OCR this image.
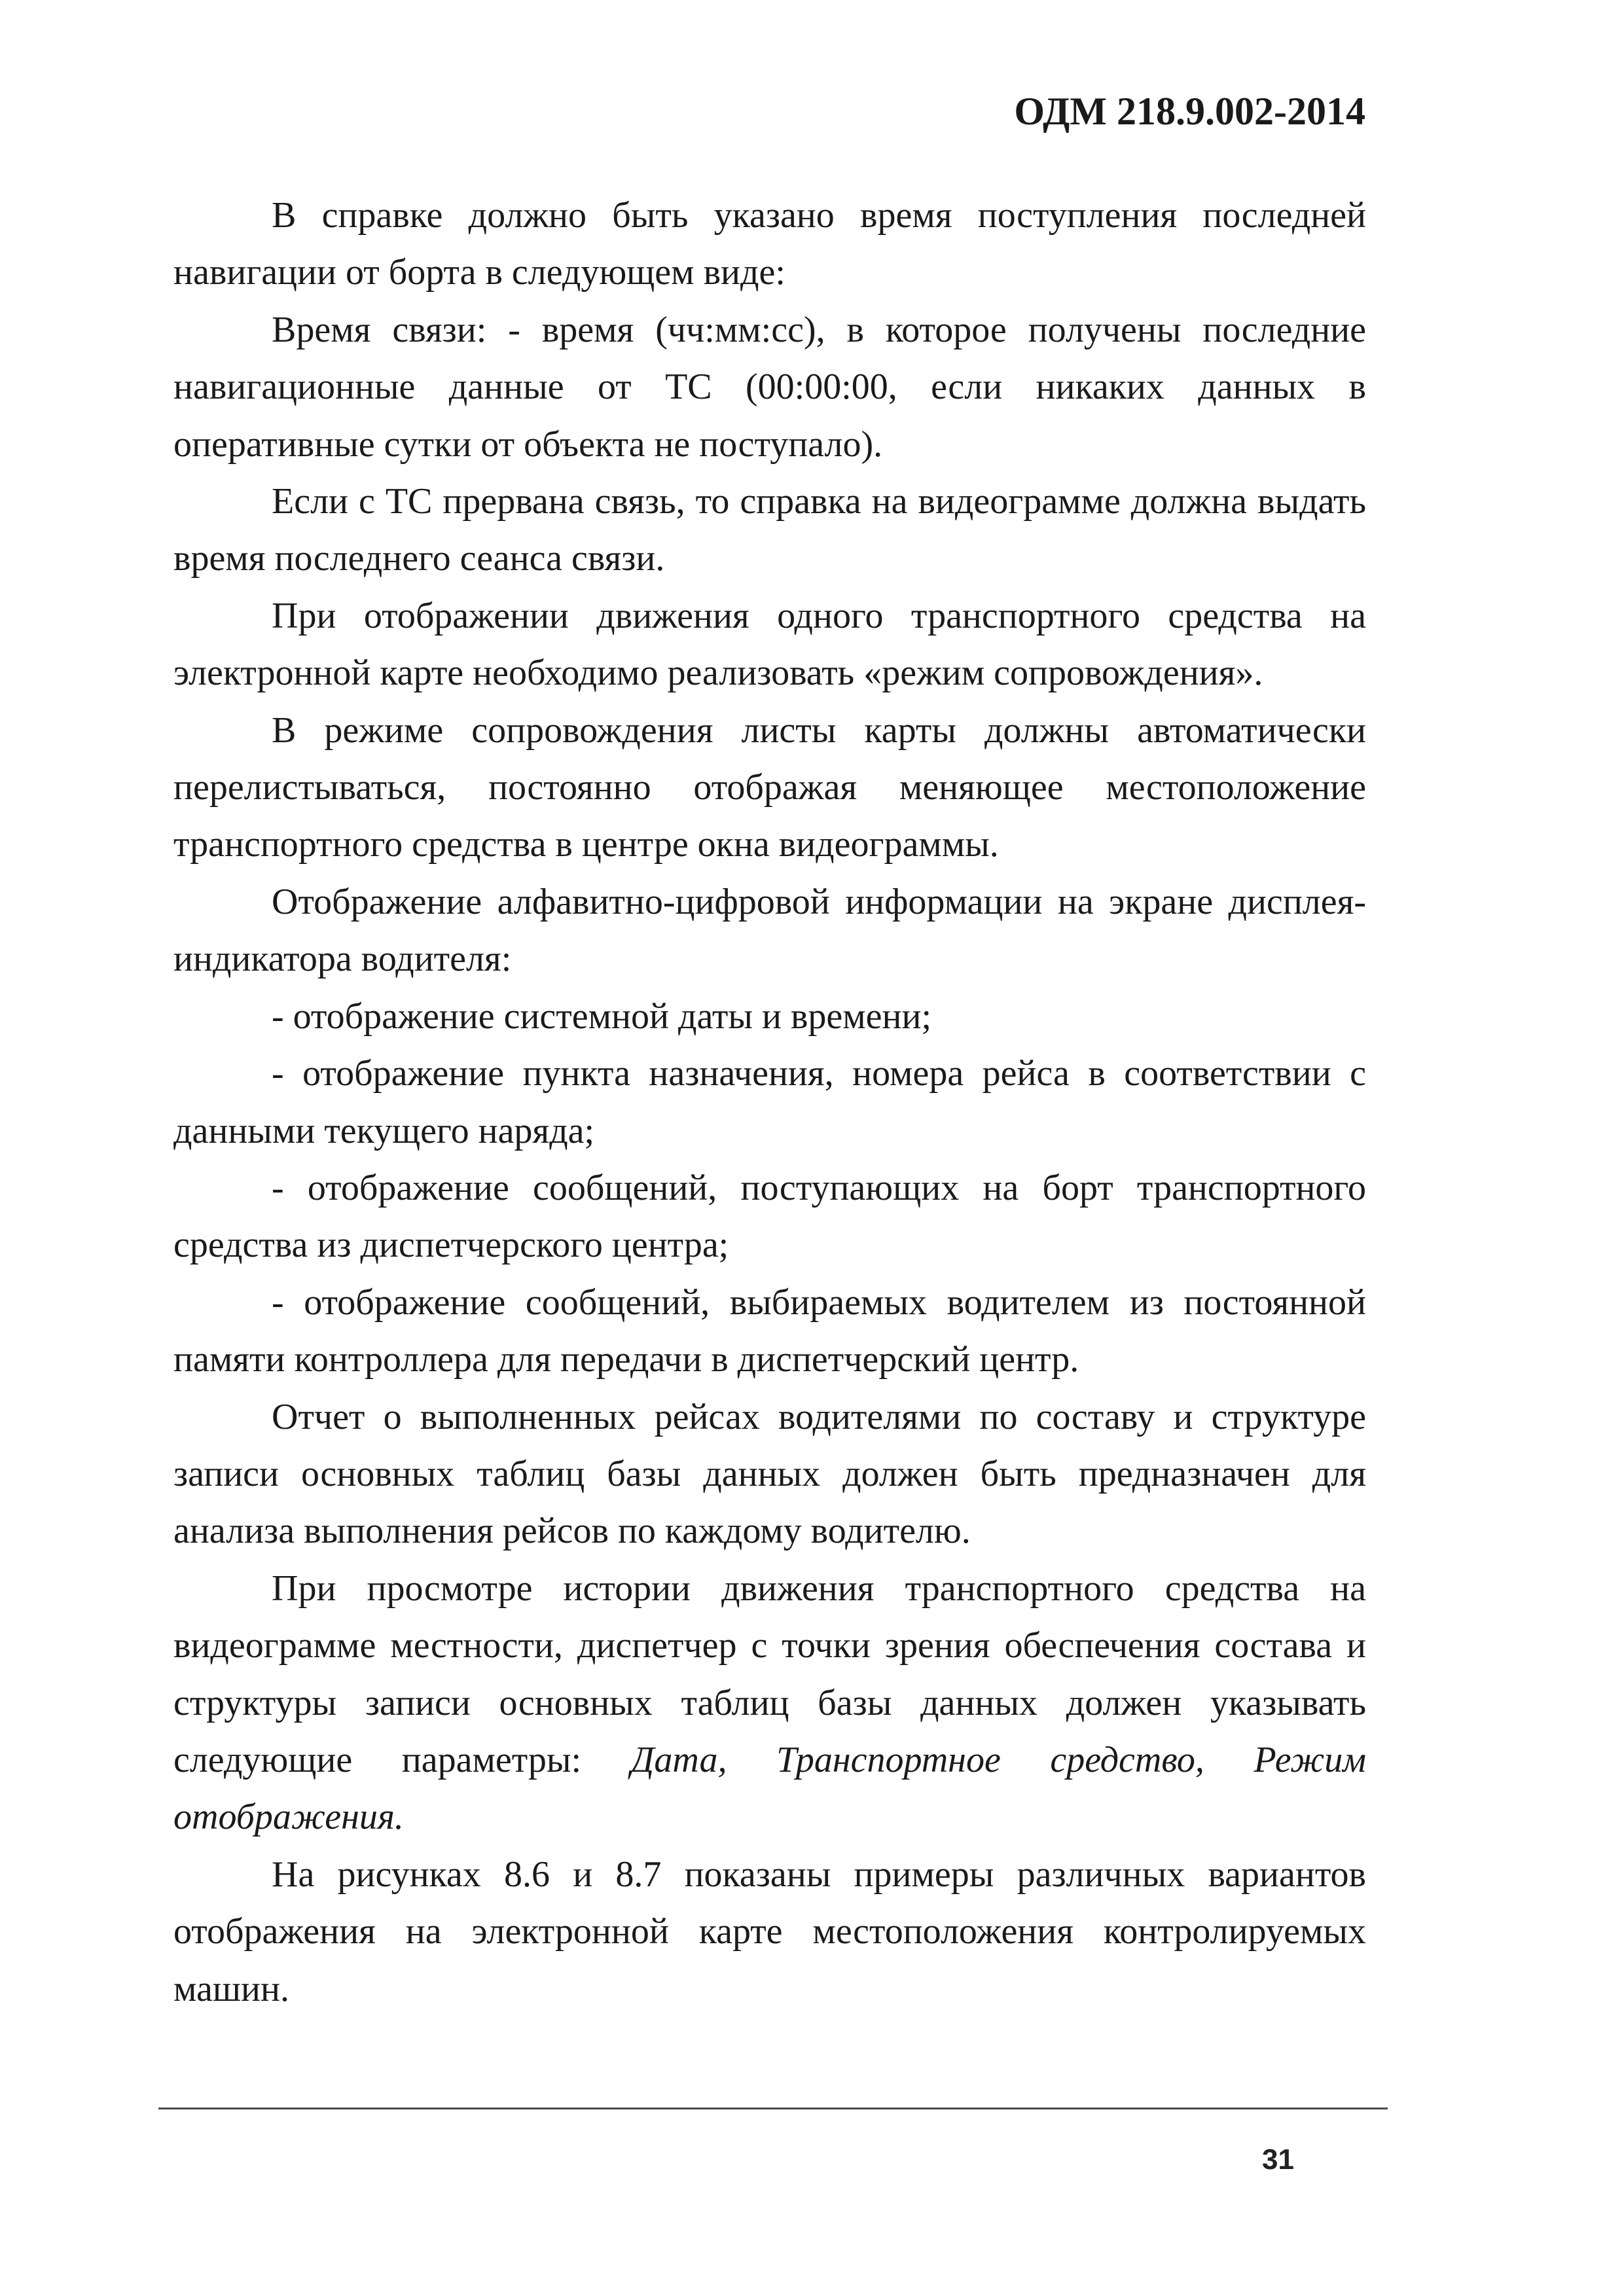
ОДМ 218.9.002-2014

В справке должно быть указано время поступления последней навигации от борта в следующем виде:

Время связи: - время (чч:мм:сс), в которое получены последние навигационные данные от ТС (00:00:00, если никаких данных в оперативные сутки от объекта не поступало).

Если с ТС прервана связь, то справка на видеограмме должна выдать время последнего сеанса связи.

При отображении движения одного транспортного средства на электронной карте необходимо реализовать «режим сопровождения».

В режиме сопровождения листы карты должны автоматически перелистываться, постоянно отображая меняющее местоположение транспортного средства в центре окна видеограммы.

Отображение алфавитно-цифровой информации на экране дисплея-индикатора водителя:

- отображение системной даты и времени;

- отображение пункта назначения, номера рейса в соответствии с данными текущего наряда;

- отображение сообщений, поступающих на борт транспортного средства из диспетчерского центра;

- отображение сообщений, выбираемых водителем из постоянной памяти контроллера для передачи в диспетчерский центр.

Отчет о выполненных рейсах водителями по составу и структуре записи основных таблиц базы данных должен быть предназначен для анализа выполнения рейсов по каждому водителю.

При просмотре истории движения транспортного средства на видеограмме местности, диспетчер с точки зрения обеспечения состава и структуры записи основных таблиц базы данных должен указывать следующие параметры: Дата, Транспортное средство, Режим отображения.

На рисунках 8.6 и 8.7 показаны примеры различных вариантов отображения на электронной карте местоположения контролируемых машин.

31
